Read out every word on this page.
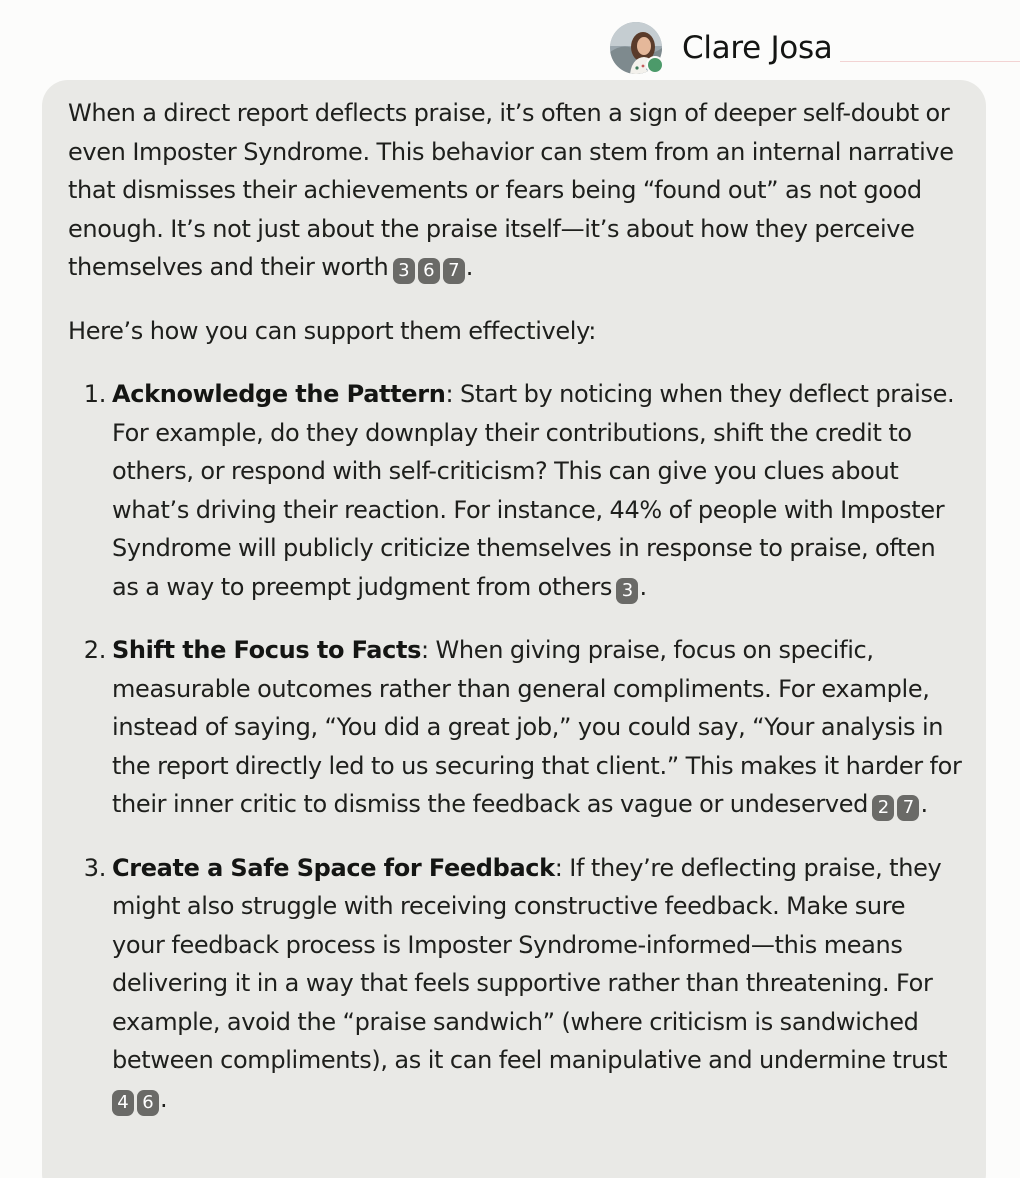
Clare Josa

When a direct report deflects praise, it’s often a sign of deeper self-doubt or even Imposter Syndrome. This behavior can stem from an internal narrative that dismisses their achievements or fears being “found out” as not good enough. It’s not just about the praise itself—it’s about how they perceive themselves and their worth  3 6 7 .

Here’s how you can support them effectively:

1. Acknowledge the Pattern: Start by noticing when they deflect praise. For example, do they downplay their contributions, shift the credit to others, or respond with self-criticism? This can give you clues about what’s driving their reaction. For instance, 44% of people with Imposter Syndrome will publicly criticize themselves in response to praise, often as a way to preempt judgment from others  3 .
2. Shift the Focus to Facts: When giving praise, focus on specific, measurable outcomes rather than general compliments. For example, instead of saying, “You did a great job,” you could say, “Your analysis in the report directly led to us securing that client.” This makes it harder for their inner critic to dismiss the feedback as vague or undeserved  2 7 .
3. Create a Safe Space for Feedback: If they’re deflecting praise, they might also struggle with receiving constructive feedback. Make sure your feedback process is Imposter Syndrome-informed—this means delivering it in a way that feels supportive rather than threatening. For example, avoid the “praise sandwich” (where criticism is sandwiched between compliments), as it can feel manipulative and undermine trust 4 6 .
